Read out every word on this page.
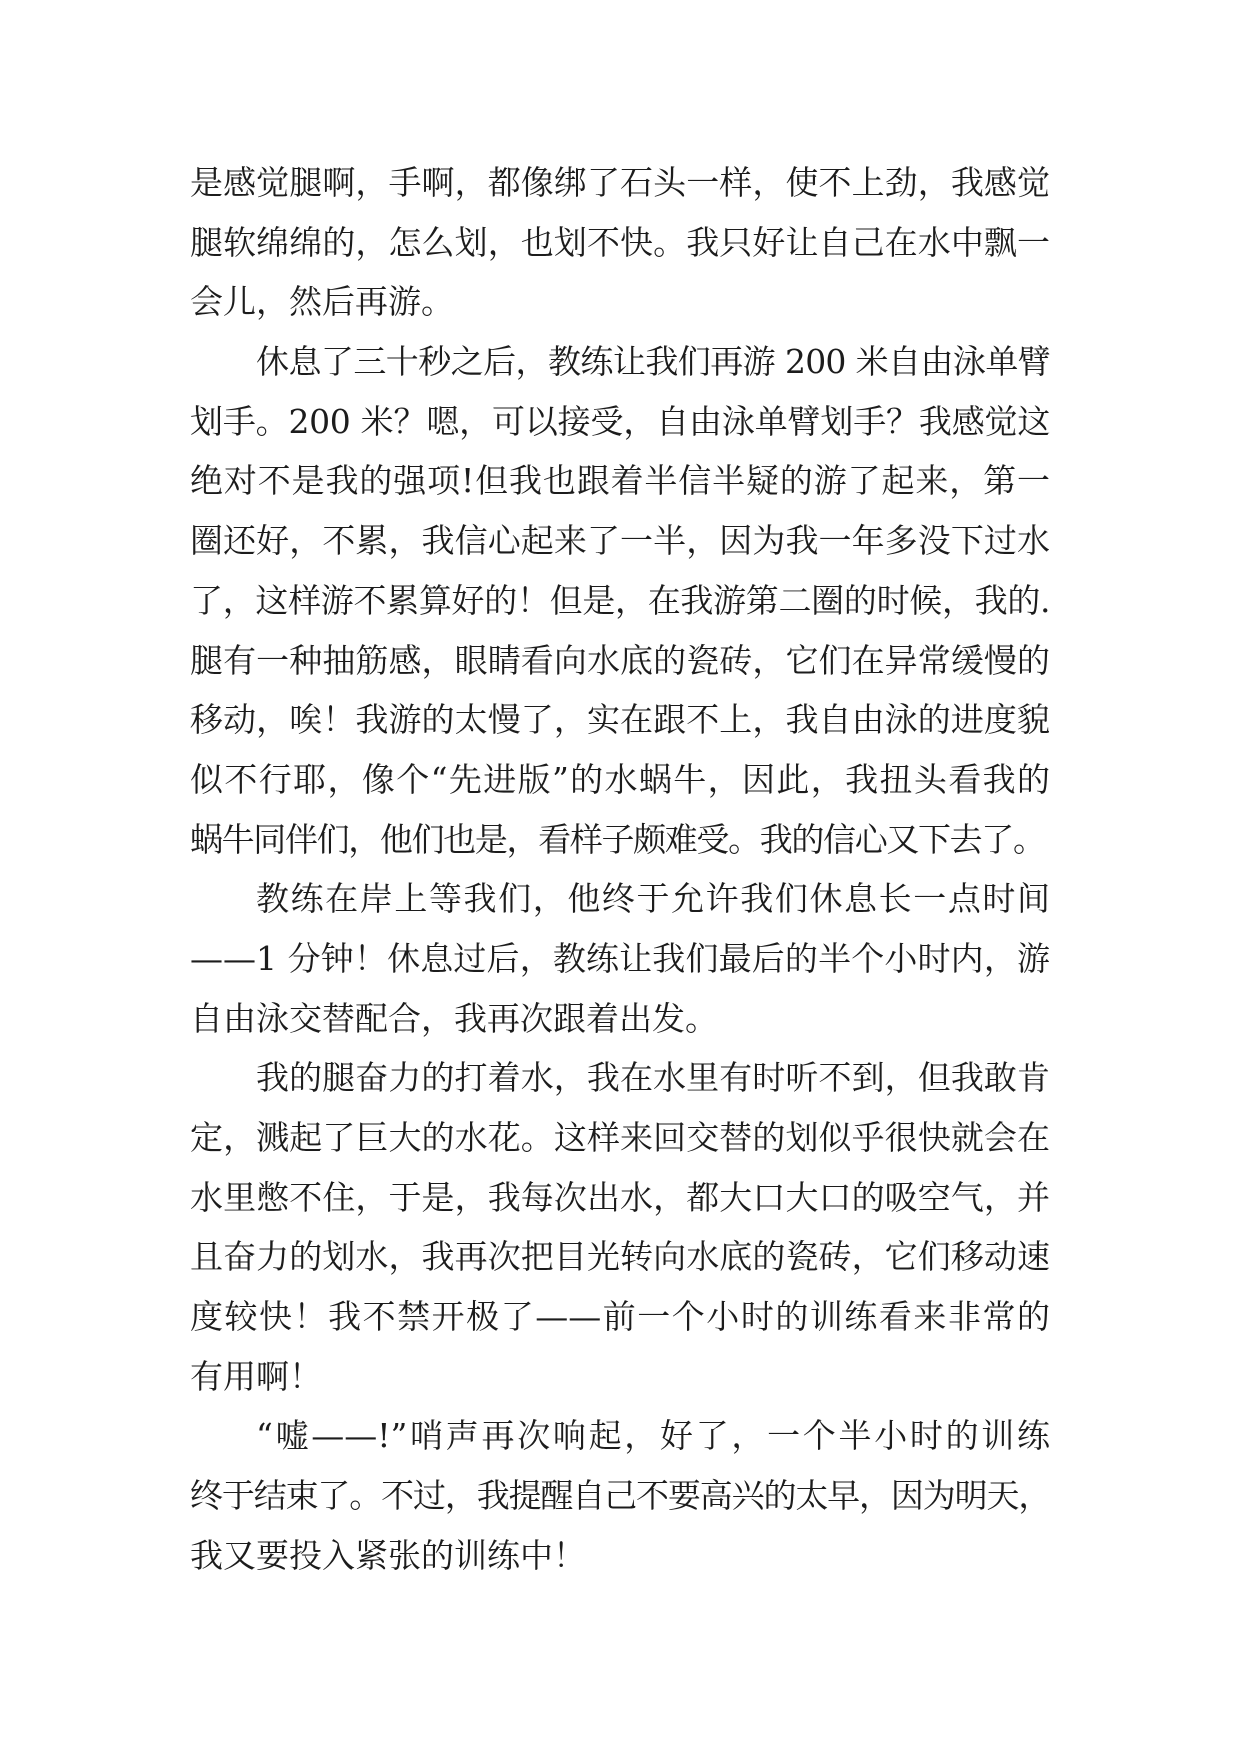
是感觉腿啊，手啊，都像绑了石头一样，使不上劲，我感觉
腿软绵绵的，怎么划，也划不快。我只好让自己在水中飘一
会儿，然后再游。
休息了三十秒之后，教练让我们再游 200 米自由泳单臂
划手。200 米？嗯，可以接受，自由泳单臂划手？我感觉这
绝对不是我的强项!但我也跟着半信半疑的游了起来，第一
圈还好，不累，我信心起来了一半，因为我一年多没下过水
了，这样游不累算好的！但是，在我游第二圈的时候，我的.
腿有一种抽筋感，眼睛看向水底的瓷砖，它们在异常缓慢的
移动，唉！我游的太慢了，实在跟不上，我自由泳的进度貌
似不行耶，像个“先进版”的水蜗牛，因此，我扭头看我的
蜗牛同伴们，他们也是，看样子颇难受。我的信心又下去了。
教练在岸上等我们，他终于允许我们休息长一点时间
——1 分钟！休息过后，教练让我们最后的半个小时内，游
自由泳交替配合，我再次跟着出发。
我的腿奋力的打着水，我在水里有时听不到，但我敢肯
定，溅起了巨大的水花。这样来回交替的划似乎很快就会在
水里憋不住，于是，我每次出水，都大口大口的吸空气，并
且奋力的划水，我再次把目光转向水底的瓷砖，它们移动速
度较快！我不禁开极了——前一个小时的训练看来非常的
有用啊！
“嘘——!”哨声再次响起，好了，一个半小时的训练
终于结束了。不过，我提醒自己不要高兴的太早，因为明天，
我又要投入紧张的训练中！
